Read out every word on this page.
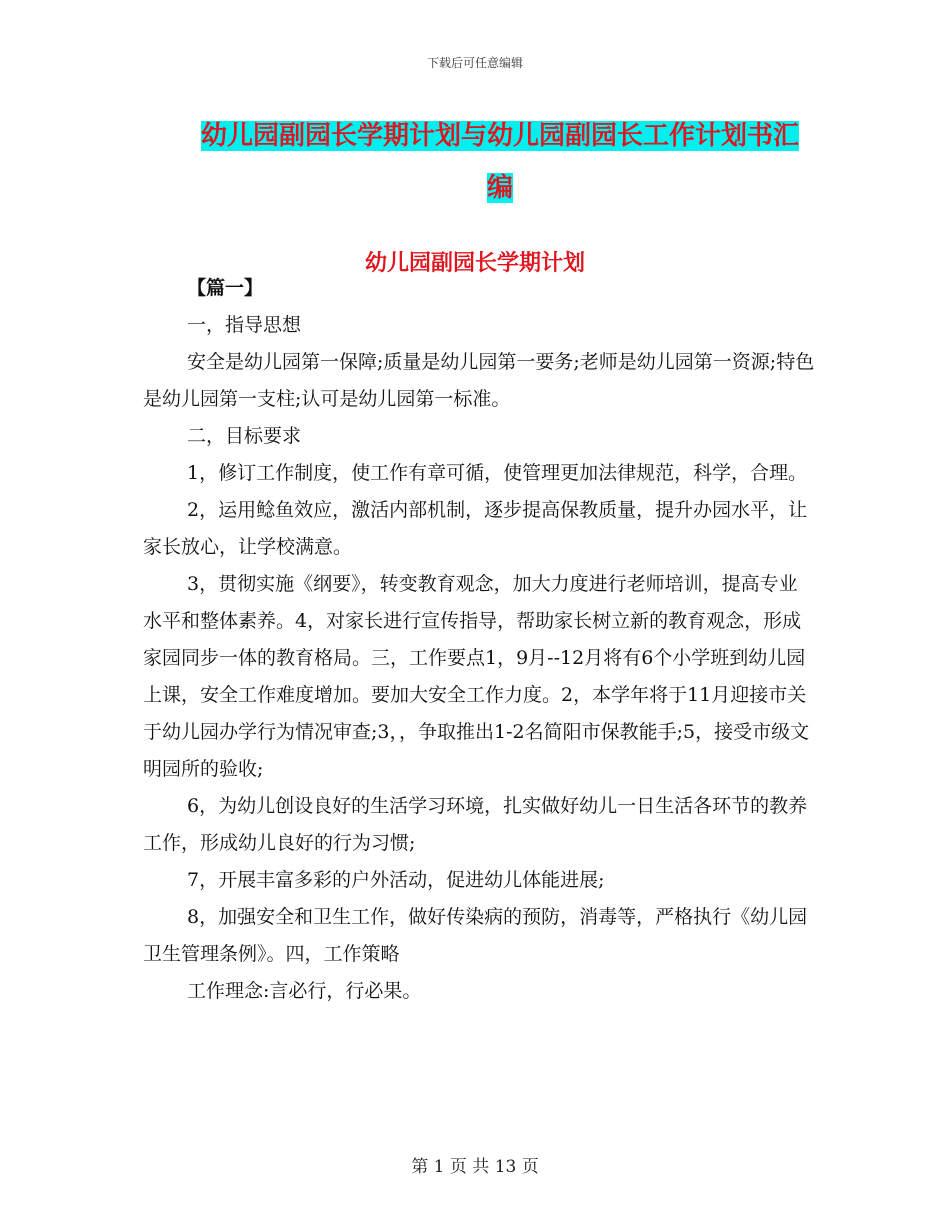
下载后可任意编辑
幼儿园副园长学期计划与幼儿园副园长工作计划书汇
编
幼儿园副园长学期计划

【篇一】

一，指导思想

安全是幼儿园第一保障;质量是幼儿园第一要务;老师是幼儿园第一资源;特色是幼儿园第一支柱;认可是幼儿园第一标准。

二，目标要求

1，修订工作制度，使工作有章可循，使管理更加法律规范，科学，合理。

2，运用鲶鱼效应，激活内部机制，逐步提高保教质量，提升办园水平，让家长放心，让学校满意。

3，贯彻实施《纲要》，转变教育观念，加大力度进行老师培训，提高专业水平和整体素养。4，对家长进行宣传指导，帮助家长树立新的教育观念，形成家园同步一体的教育格局。三，工作要点1，9月--12月将有6个小学班到幼儿园上课，安全工作难度增加。要加大安全工作力度。2，本学年将于11月迎接市关于幼儿园办学行为情况审查;3，，争取推出1-2名简阳市保教能手;5，接受市级文明园所的验收;

6，为幼儿创设良好的生活学习环境，扎实做好幼儿一日生活各环节的教养工作，形成幼儿良好的行为习惯;

7，开展丰富多彩的户外活动，促进幼儿体能进展;

8，加强安全和卫生工作，做好传染病的预防，消毒等，严格执行《幼儿园卫生管理条例》。四，工作策略

工作理念:言必行，行必果。

第 1 页 共 13 页
